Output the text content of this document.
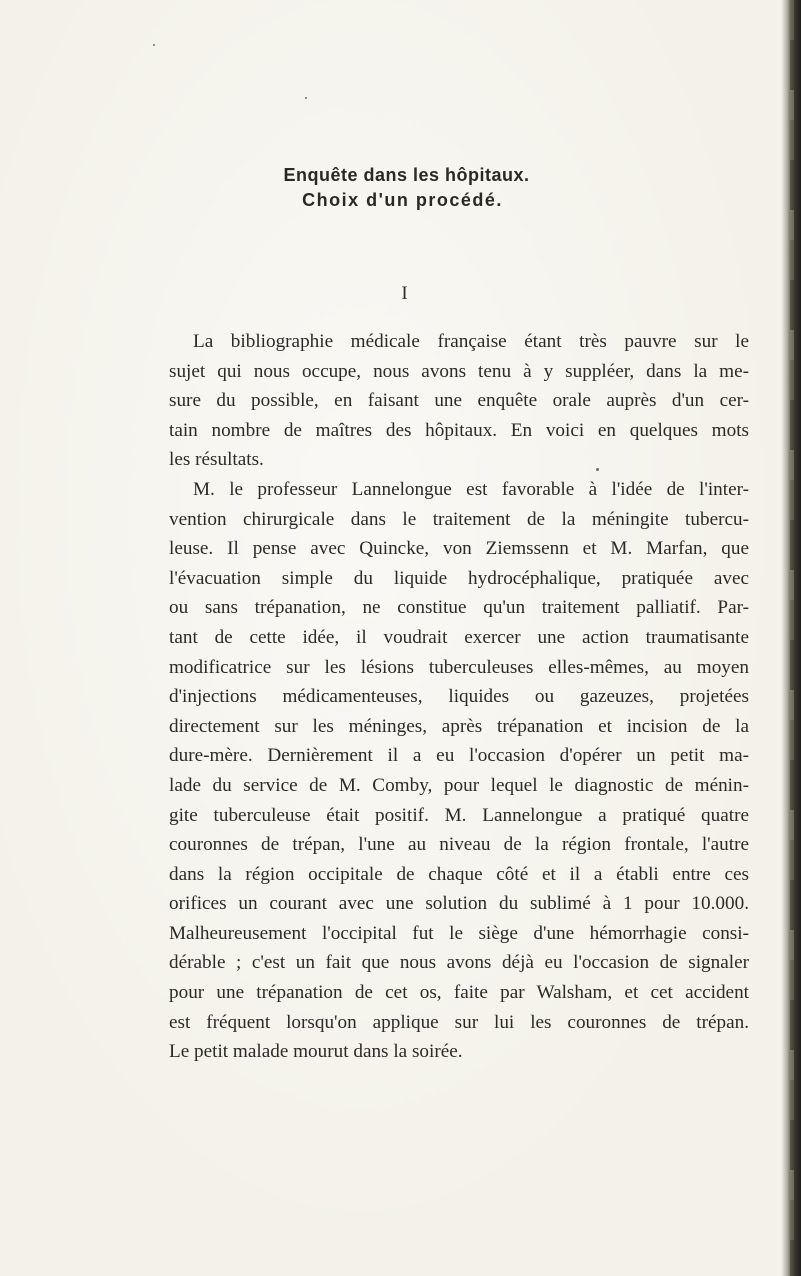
Enquête dans les hôpitaux.
Choix d'un procédé.
I
La bibliographie médicale française étant très pauvre sur le
sujet qui nous occupe, nous avons tenu à y suppléer, dans la me-
sure du possible, en faisant une enquête orale auprès d'un cer-
tain nombre de maîtres des hôpitaux. En voici en quelques mots
les résultats.
M. le professeur Lannelongue est favorable à l'idée de l'inter-
vention chirurgicale dans le traitement de la méningite tubercu-
leuse. Il pense avec Quincke, von Ziemssenn et M. Marfan, que
l'évacuation simple du liquide hydrocéphalique, pratiquée avec
ou sans trépanation, ne constitue qu'un traitement palliatif. Par-
tant de cette idée, il voudrait exercer une action traumatisante
modificatrice sur les lésions tuberculeuses elles-mêmes, au moyen
d'injections médicamenteuses, liquides ou gazeuzes, projetées
directement sur les méninges, après trépanation et incision de la
dure-mère. Dernièrement il a eu l'occasion d'opérer un petit ma-
lade du service de M. Comby, pour lequel le diagnostic de ménin-
gite tuberculeuse était positif. M. Lannelongue a pratiqué quatre
couronnes de trépan, l'une au niveau de la région frontale, l'autre
dans la région occipitale de chaque côté et il a établi entre ces
orifices un courant avec une solution du sublimé à 1 pour 10.000.
Malheureusement l'occipital fut le siège d'une hémorrhagie consi-
dérable ; c'est un fait que nous avons déjà eu l'occasion de signaler
pour une trépanation de cet os, faite par Walsham, et cet accident
est fréquent lorsqu'on applique sur lui les couronnes de trépan.
Le petit malade mourut dans la soirée.
